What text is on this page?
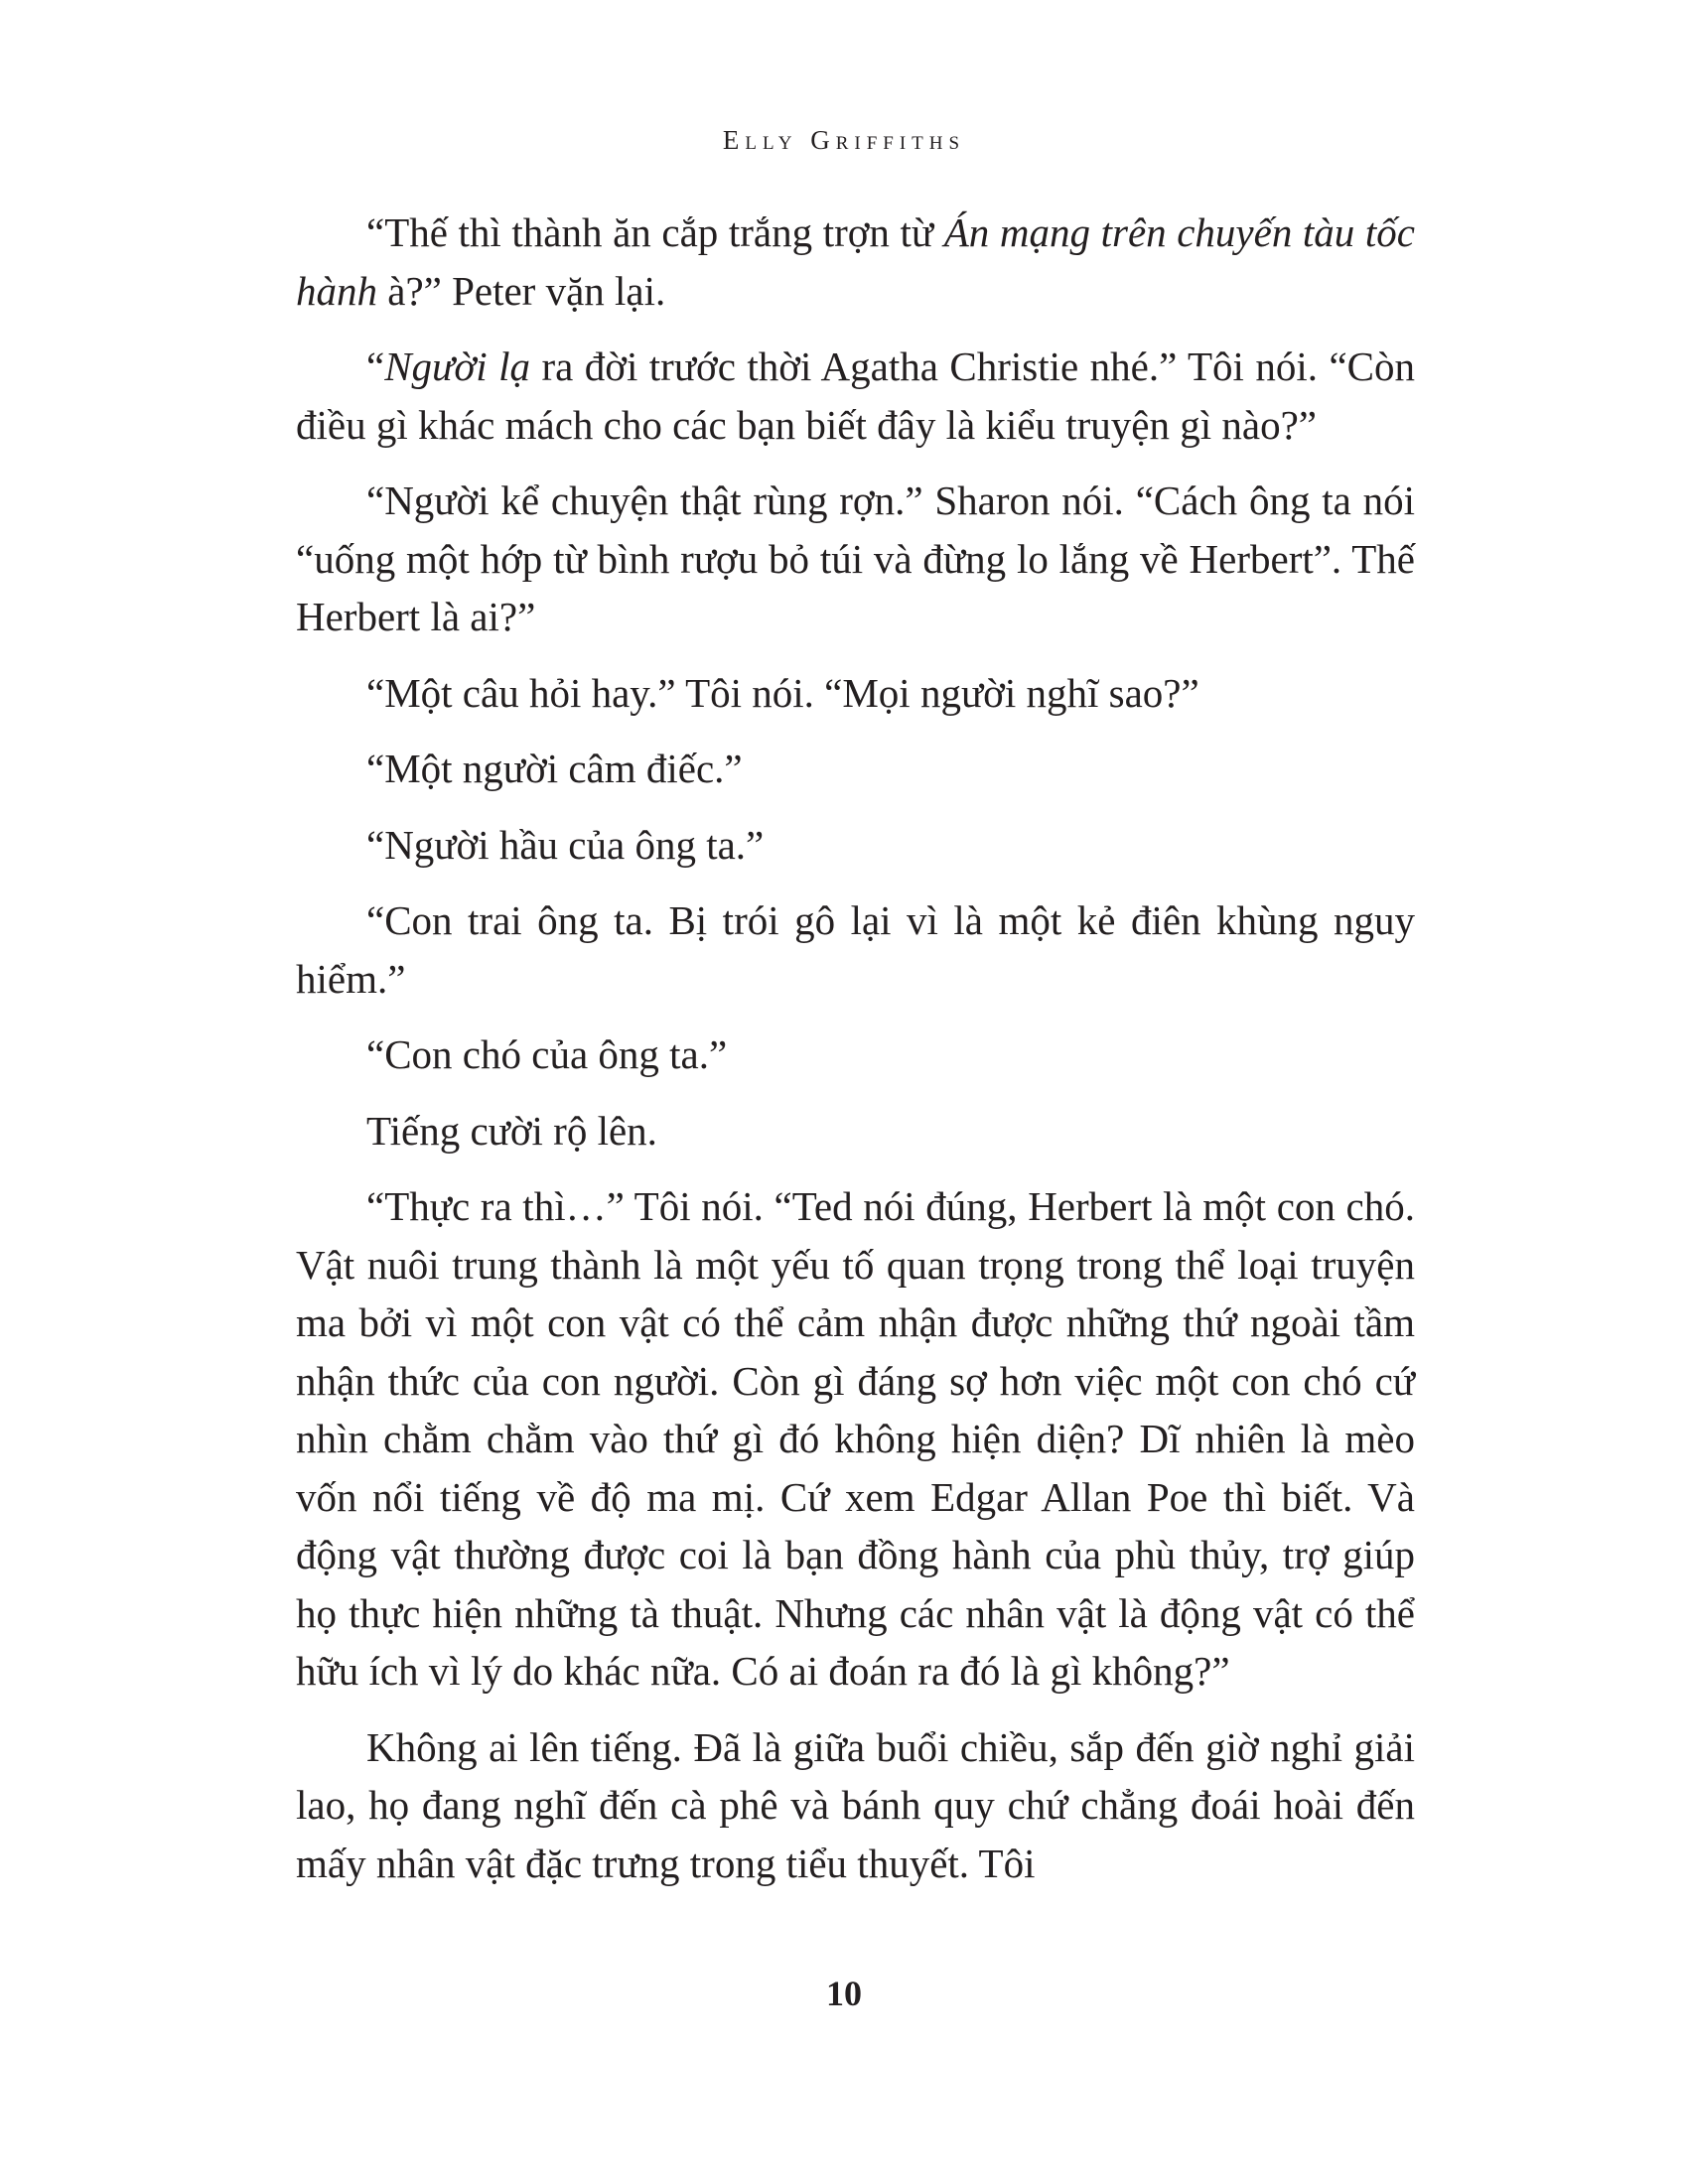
Elly Griffiths

“Thế thì thành ăn cắp trắng trợn từ Án mạng trên chuyến tàu tốc hành à?” Peter vặn lại.

“Người lạ ra đời trước thời Agatha Christie nhé.” Tôi nói. “Còn điều gì khác mách cho các bạn biết đây là kiểu truyện gì nào?”

“Người kể chuyện thật rùng rợn.” Sharon nói. “Cách ông ta nói “uống một hớp từ bình rượu bỏ túi và đừng lo lắng về Herbert”. Thế Herbert là ai?”

“Một câu hỏi hay.” Tôi nói. “Mọi người nghĩ sao?”

“Một người câm điếc.”

“Người hầu của ông ta.”

“Con trai ông ta. Bị trói gô lại vì là một kẻ điên khùng nguy hiểm.”

“Con chó của ông ta.”

Tiếng cười rộ lên.

“Thực ra thì…” Tôi nói. “Ted nói đúng, Herbert là một con chó. Vật nuôi trung thành là một yếu tố quan trọng trong thể loại truyện ma bởi vì một con vật có thể cảm nhận được những thứ ngoài tầm nhận thức của con người. Còn gì đáng sợ hơn việc một con chó cứ nhìn chằm chằm vào thứ gì đó không hiện diện? Dĩ nhiên là mèo vốn nổi tiếng về độ ma mị. Cứ xem Edgar Allan Poe thì biết. Và động vật thường được coi là bạn đồng hành của phù thủy, trợ giúp họ thực hiện những tà thuật. Nhưng các nhân vật là động vật có thể hữu ích vì lý do khác nữa. Có ai đoán ra đó là gì không?”

Không ai lên tiếng. Đã là giữa buổi chiều, sắp đến giờ nghỉ giải lao, họ đang nghĩ đến cà phê và bánh quy chứ chẳng đoái hoài đến mấy nhân vật đặc trưng trong tiểu thuyết. Tôi

10
